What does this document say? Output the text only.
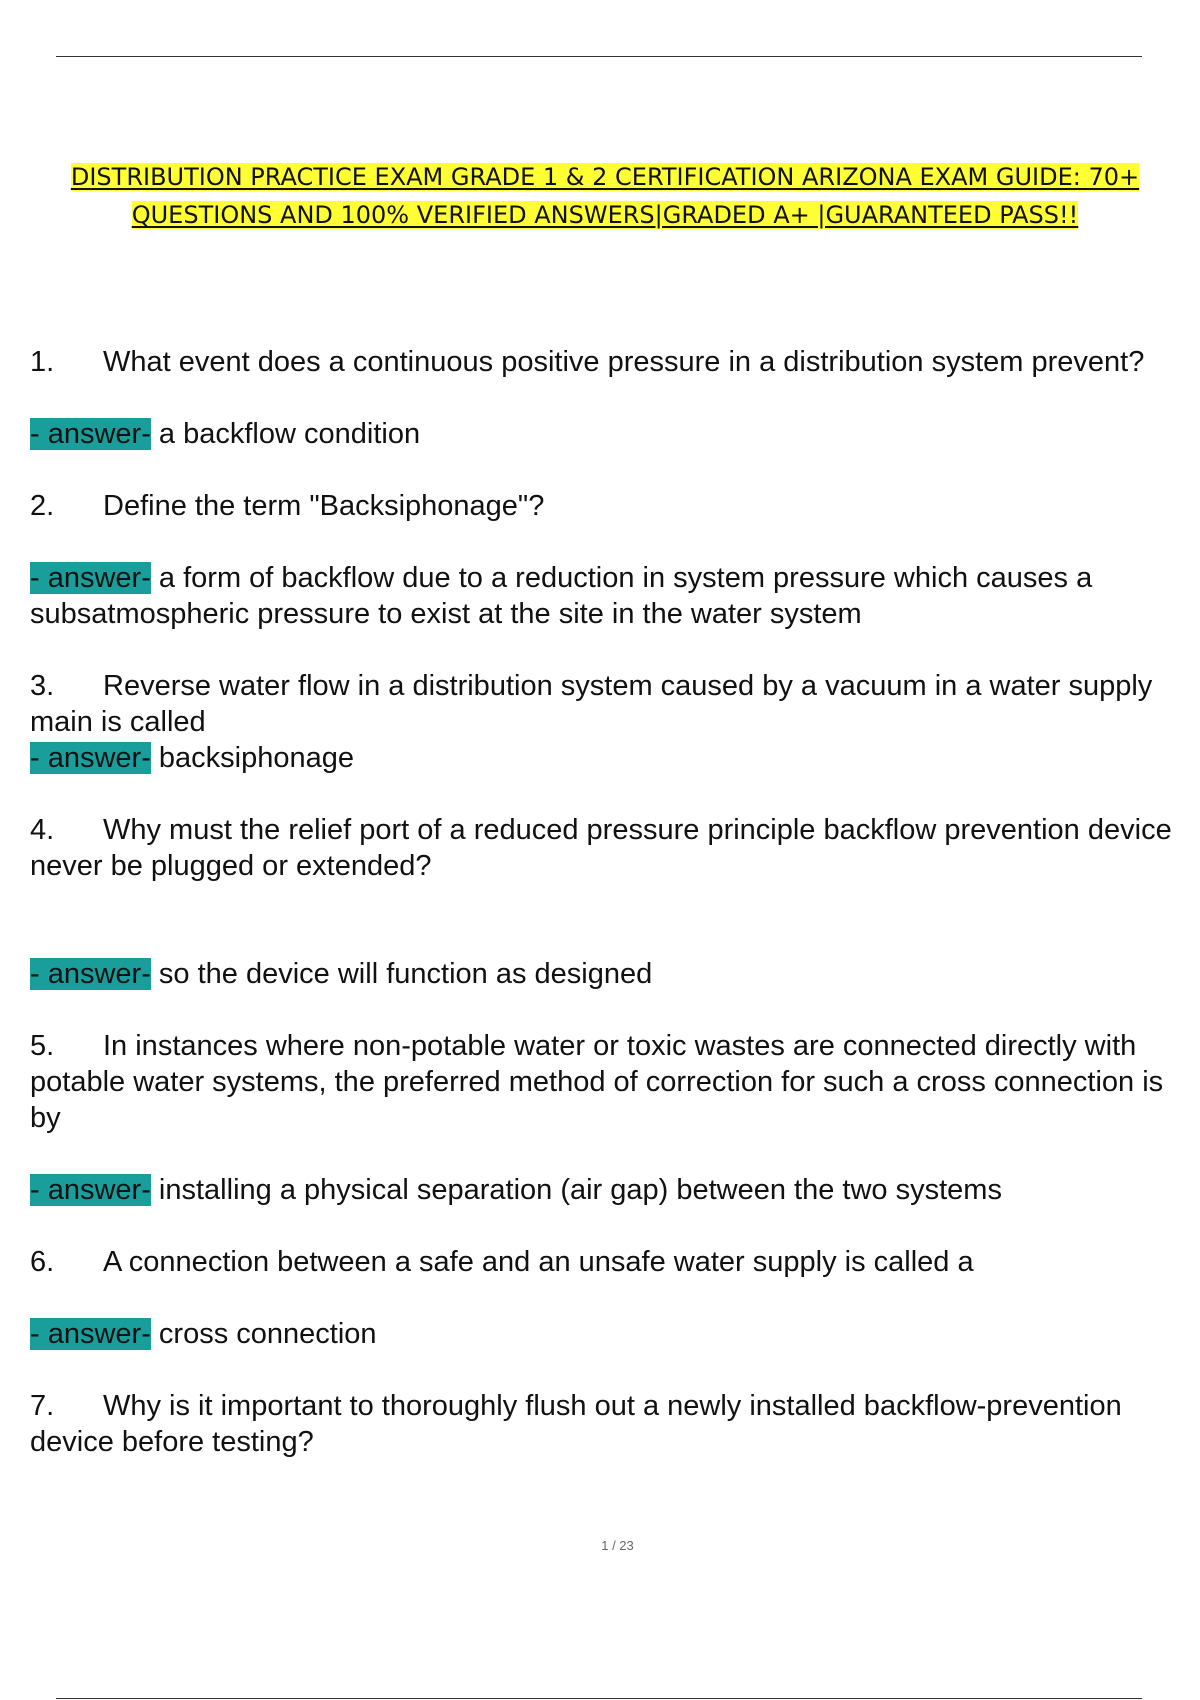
DISTRIBUTION PRACTICE EXAM GRADE 1 & 2 CERTIFICATION ARIZONA EXAM GUIDE: 70+
QUESTIONS AND 100% VERIFIED ANSWERS|GRADED A+ |GUARANTEED PASS!!

1. What event does a continuous positive pressure in a distribution system prevent?

- answer- a backflow condition

2. Define the term "Backsiphonage"?

- answer- a form of backflow due to a reduction in system pressure which causes a subsatmospheric pressure to exist at the site in the water system

3. Reverse water flow in a distribution system caused by a vacuum in a water supply main is called

- answer- backsiphonage

4. Why must the relief port of a reduced pressure principle backflow prevention device never be plugged or extended?

- answer- so the device will function as designed

5. In instances where non-potable water or toxic wastes are connected directly with potable water systems, the preferred method of correction for such a cross connection is by

- answer- installing a physical separation (air gap) between the two systems

6. A connection between a safe and an unsafe water supply is called a

- answer- cross connection

7. Why is it important to thoroughly flush out a newly installed backflow-prevention device before testing?

1 / 23
